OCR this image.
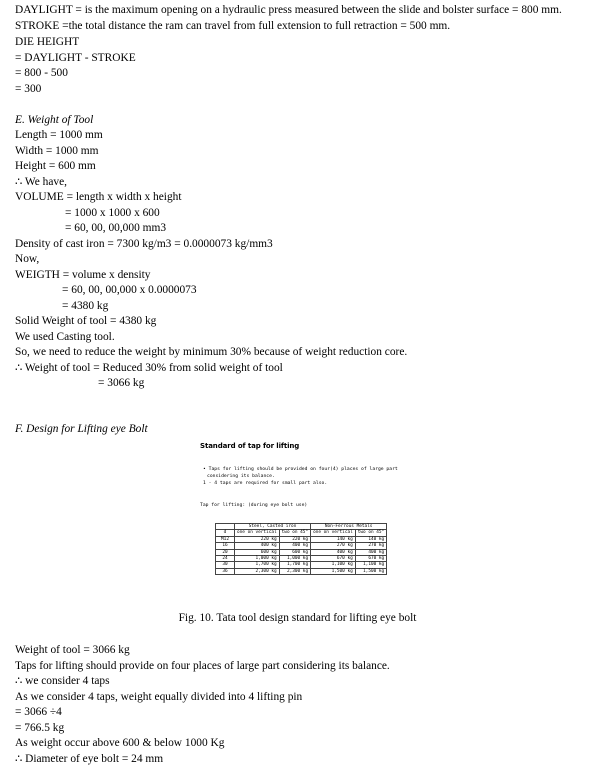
DAYLIGHT = is the maximum opening on a hydraulic press measured between the slide and bolster surface = 800 mm.
STROKE =the total distance the ram can travel from full extension to full retraction = 500 mm.
DIE HEIGHT
= DAYLIGHT - STROKE
= 800 - 500
= 300
E. Weight of Tool
Length = 1000 mm
Width = 1000 mm
Height = 600 mm
∴ We have,
VOLUME = length x width x height
= 1000 x 1000 x 600
= 60, 00, 00,000 mm3
Density of cast iron = 7300 kg/m3 = 0.0000073 kg/mm3
Now,
WEIGTH = volume x density
= 60, 00, 00,000 x 0.0000073
= 4380 kg
Solid Weight of tool = 4380 kg
We used Casting tool.
So, we need to reduce the weight by minimum 30% because of weight reduction core.
∴ Weight of tool = Reduced 30% from solid weight of tool
= 3066 kg
F. Design for Lifting eye Bolt
Standard of tap for lifting
• Taps for lifting should be provided on four(4) places of large part
considering its balance.
1 - 4 taps are required for small part also.
Tap for lifting: (during eye bolt use)
	Steel, Casted iron		Non-Ferrous Metals	
d	one on vertical	two on 45°	one on vertical	two on 45°
M12	220 kg	220 kg	140 kg	140 kg
16	400 kg	400 kg	270 kg	270 kg
20	600 kg	600 kg	400 kg	400 kg
24	1,000 kg	1,000 kg	670 kg	670 kg
30	1,700 kg	1,700 kg	1,100 kg	1,100 kg
36	2,300 kg	2,300 kg	1,500 kg	1,500 kg
Fig. 10. Tata tool design standard for lifting eye bolt
Weight of tool = 3066 kg
Taps for lifting should provide on four places of large part considering its balance.
∴ we consider 4 taps
As we consider 4 taps, weight equally divided into 4 lifting pin
= 3066 ÷4
= 766.5 kg
As weight occur above 600 & below 1000 Kg
∴ Diameter of eye bolt = 24 mm
